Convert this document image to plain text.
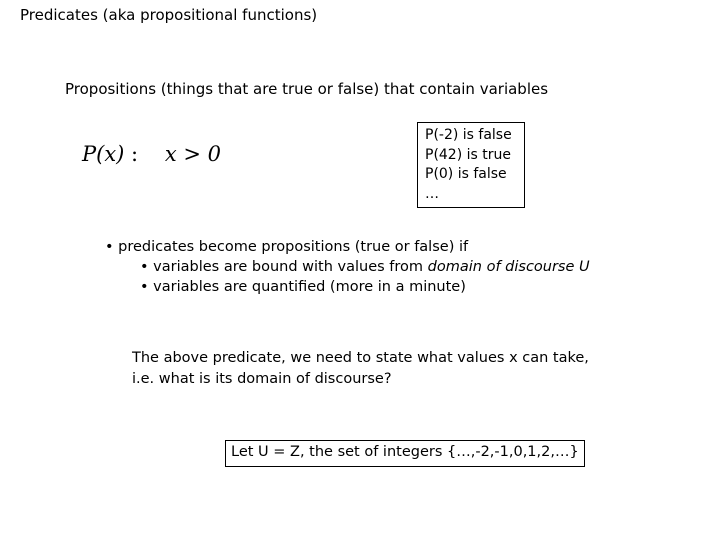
Predicates (aka propositional functions)
Propositions (things that are true or false) that contain variables
P(x) : x > 0
P(-2) is false
P(42) is true
P(0) is false
…
• predicates become propositions (true or false) if
• variables are bound with values from domain of discourse U
• variables are quantified (more in a minute)
The above predicate, we need to state what values x can take,
i.e. what is its domain of discourse?
Let U = Z, the set of integers {…,-2,-1,0,1,2,…}
